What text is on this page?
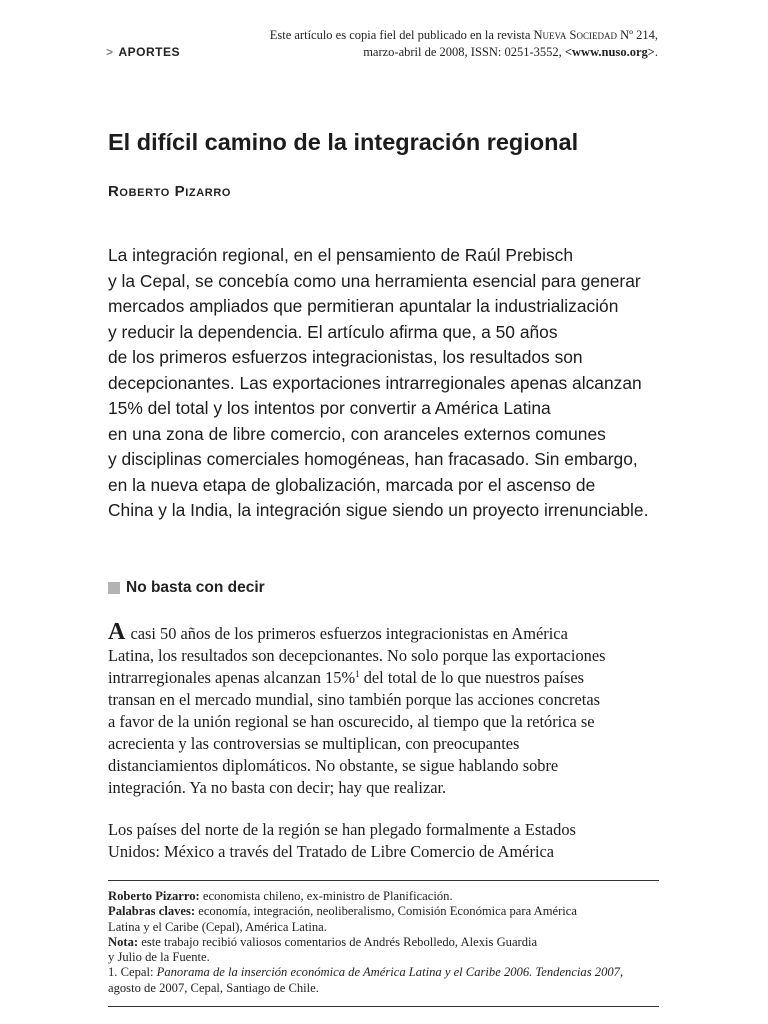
Este artículo es copia fiel del publicado en la revista Nueva Sociedad Nº 214,
marzo-abril de 2008, ISSN: 0251-3552, <www.nuso.org>.
> APORTES
El difícil camino de la integración regional
Roberto Pizarro
La integración regional, en el pensamiento de Raúl Prebisch
y la Cepal, se concebía como una herramienta esencial para generar
mercados ampliados que permitieran apuntalar la industrialización
y reducir la dependencia. El artículo afirma que, a 50 años
de los primeros esfuerzos integracionistas, los resultados son
decepcionantes. Las exportaciones intrarregionales apenas alcanzan
15% del total y los intentos por convertir a América Latina
en una zona de libre comercio, con aranceles externos comunes
y disciplinas comerciales homogéneas, han fracasado. Sin embargo,
en la nueva etapa de globalización, marcada por el ascenso de
China y la India, la integración sigue siendo un proyecto irrenunciable.
No basta con decir
A casi 50 años de los primeros esfuerzos integracionistas en América
Latina, los resultados son decepcionantes. No solo porque las exportaciones
intrarregionales apenas alcanzan 15%$^1$ del total de lo que nuestros países
transan en el mercado mundial, sino también porque las acciones concretas
a favor de la unión regional se han oscurecido, al tiempo que la retórica se
acrecienta y las controversias se multiplican, con preocupantes
distanciamientos diplomáticos. No obstante, se sigue hablando sobre
integración. Ya no basta con decir; hay que realizar.
Los países del norte de la región se han plegado formalmente a Estados
Unidos: México a través del Tratado de Libre Comercio de América
Roberto Pizarro: economista chileno, ex-ministro de Planificación.
Palabras claves: economía, integración, neoliberalismo, Comisión Económica para América
Latina y el Caribe (Cepal), América Latina.
Nota: este trabajo recibió valiosos comentarios de Andrés Rebolledo, Alexis Guardia
y Julio de la Fuente.
1. Cepal: Panorama de la inserción económica de América Latina y el Caribe 2006. Tendencias 2007,
agosto de 2007, Cepal, Santiago de Chile.
